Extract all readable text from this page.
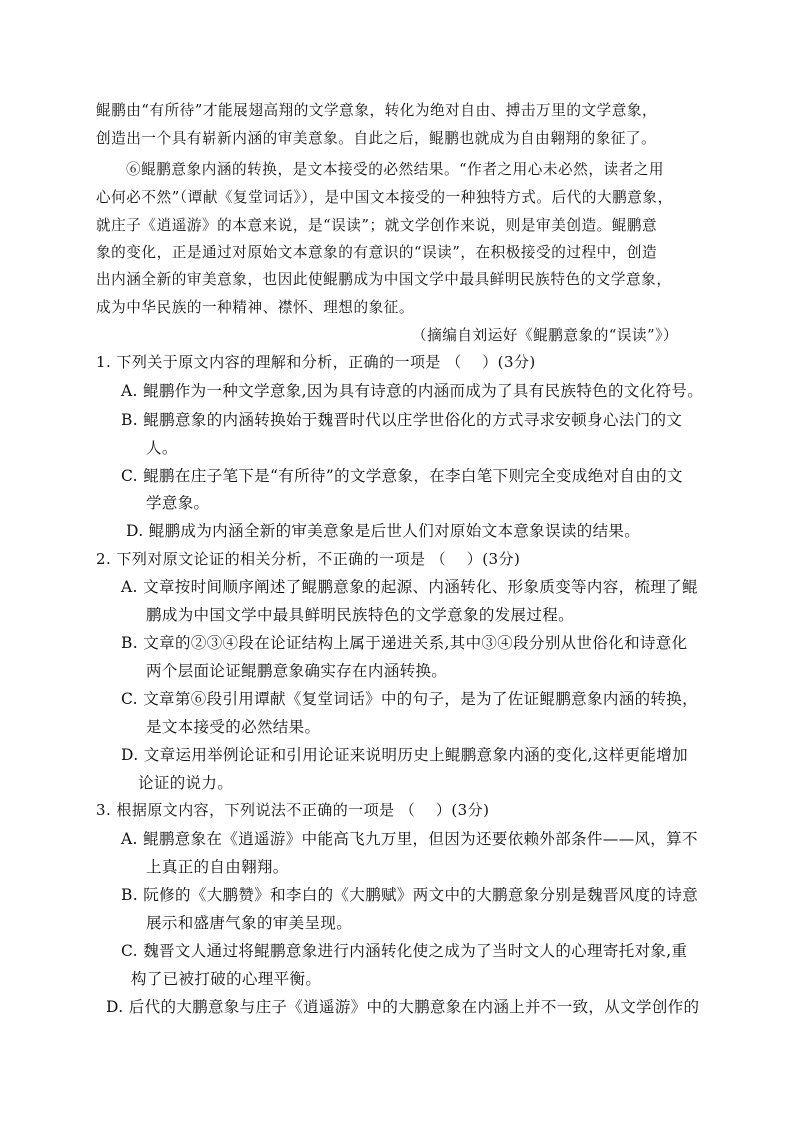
鲲鹏由“有所待”才能展翅高翔的文学意象，转化为绝对自由、搏击万里的文学意象，
创造出一个具有崭新内涵的审美意象。自此之后，鲲鹏也就成为自由翱翔的象征了。
⑥鲲鹏意象内涵的转换，是文本接受的必然结果。“作者之用心未必然，读者之用
心何必不然”（谭献《复堂词话》），是中国文本接受的一种独特方式。后代的大鹏意象，
就庄子《逍遥游》的本意来说，是“误读”；就文学创作来说，则是审美创造。鲲鹏意
象的变化，正是通过对原始文本意象的有意识的“误读”，在积极接受的过程中，创造
出内涵全新的审美意象，也因此使鲲鹏成为中国文学中最具鲜明民族特色的文学意象，
成为中华民族的一种精神、襟怀、理想的象征。
（摘编自刘运好《鲲鹏意象的“误读”》）
1. 下列关于原文内容的理解和分析，正确的一项是 （　 ）(3分)
A. 鲲鹏作为一种文学意象,因为具有诗意的内涵而成为了具有民族特色的文化符号。
B. 鲲鹏意象的内涵转换始于魏晋时代以庄学世俗化的方式寻求安顿身心法门的文
人。
C. 鲲鹏在庄子笔下是“有所待”的文学意象，在李白笔下则完全变成绝对自由的文
学意象。
D. 鲲鹏成为内涵全新的审美意象是后世人们对原始文本意象误读的结果。
2. 下列对原文论证的相关分析，不正确的一项是 （　 ）(3分)
A. 文章按时间顺序阐述了鲲鹏意象的起源、内涵转化、形象质变等内容，梳理了鲲
鹏成为中国文学中最具鲜明民族特色的文学意象的发展过程。
B. 文章的②③④段在论证结构上属于递进关系,其中③④段分别从世俗化和诗意化
两个层面论证鲲鹏意象确实存在内涵转换。
C. 文章第⑥段引用谭献《复堂词话》中的句子，是为了佐证鲲鹏意象内涵的转换，
是文本接受的必然结果。
D. 文章运用举例论证和引用论证来说明历史上鲲鹏意象内涵的变化,这样更能增加
论证的说力。
3. 根据原文内容，下列说法不正确的一项是 （　 ）(3分)
A. 鲲鹏意象在《逍遥游》中能高飞九万里，但因为还要依赖外部条件——风，算不
上真正的自由翱翔。
B. 阮修的《大鹏赞》和李白的《大鹏赋》两文中的大鹏意象分别是魏晋风度的诗意
展示和盛唐气象的审美呈现。
C. 魏晋文人通过将鲲鹏意象进行内涵转化使之成为了当时文人的心理寄托对象,重
构了已被打破的心理平衡。
D. 后代的大鹏意象与庄子《逍遥游》中的大鹏意象在内涵上并不一致，从文学创作的
